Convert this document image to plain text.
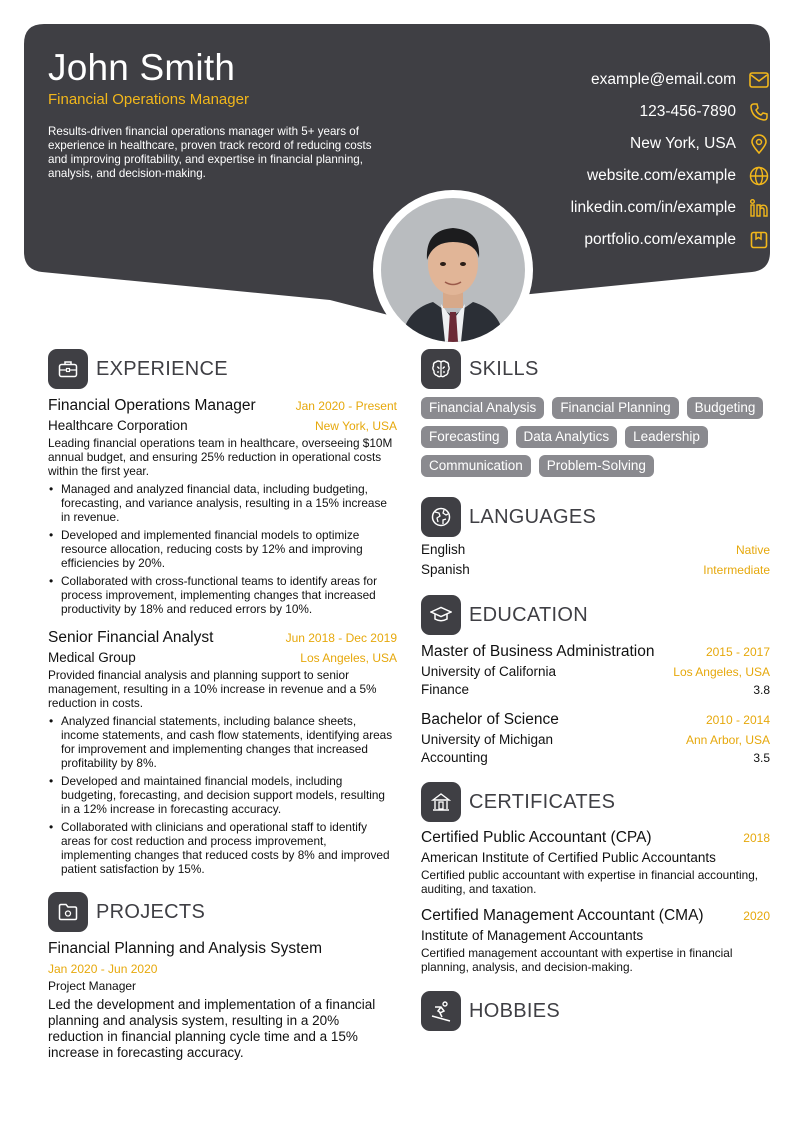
John Smith
Financial Operations Manager
Results-driven financial operations manager with 5+ years of experience in healthcare, proven track record of reducing costs and improving profitability, and expertise in financial planning, analysis, and decision-making.
example@email.com
123-456-7890
New York, USA
website.com/example
linkedin.com/in/example
portfolio.com/example
EXPERIENCE
Financial Operations Manager	Jan 2020 - Present
Healthcare Corporation	New York, USA
Leading financial operations team in healthcare, overseeing $10M annual budget, and ensuring 25% reduction in operational costs within the first year.
• Managed and analyzed financial data, including budgeting, forecasting, and variance analysis, resulting in a 15% increase in revenue.
• Developed and implemented financial models to optimize resource allocation, reducing costs by 12% and improving efficiencies by 20%.
• Collaborated with cross-functional teams to identify areas for process improvement, implementing changes that increased productivity by 18% and reduced errors by 10%.
Senior Financial Analyst	Jun 2018 - Dec 2019
Medical Group	Los Angeles, USA
Provided financial analysis and planning support to senior management, resulting in a 10% increase in revenue and a 5% reduction in costs.
• Analyzed financial statements, including balance sheets, income statements, and cash flow statements, identifying areas for improvement and implementing changes that increased profitability by 8%.
• Developed and maintained financial models, including budgeting, forecasting, and decision support models, resulting in a 12% increase in forecasting accuracy.
• Collaborated with clinicians and operational staff to identify areas for cost reduction and process improvement, implementing changes that reduced costs by 8% and improved patient satisfaction by 15%.
PROJECTS
Financial Planning and Analysis System
Jan 2020 - Jun 2020
Project Manager
Led the development and implementation of a financial planning and analysis system, resulting in a 20% reduction in financial planning cycle time and a 15% increase in forecasting accuracy.
SKILLS
Financial Analysis	Financial Planning	Budgeting
Forecasting	Data Analytics	Leadership
Communication	Problem-Solving
LANGUAGES
English	Native
Spanish	Intermediate
EDUCATION
Master of Business Administration	2015 - 2017
University of California	Los Angeles, USA
Finance	3.8
Bachelor of Science	2010 - 2014
University of Michigan	Ann Arbor, USA
Accounting	3.5
CERTIFICATES
Certified Public Accountant (CPA)	2018
American Institute of Certified Public Accountants
Certified public accountant with expertise in financial accounting, auditing, and taxation.
Certified Management Accountant (CMA)	2020
Institute of Management Accountants
Certified management accountant with expertise in financial planning, analysis, and decision-making.
HOBBIES
